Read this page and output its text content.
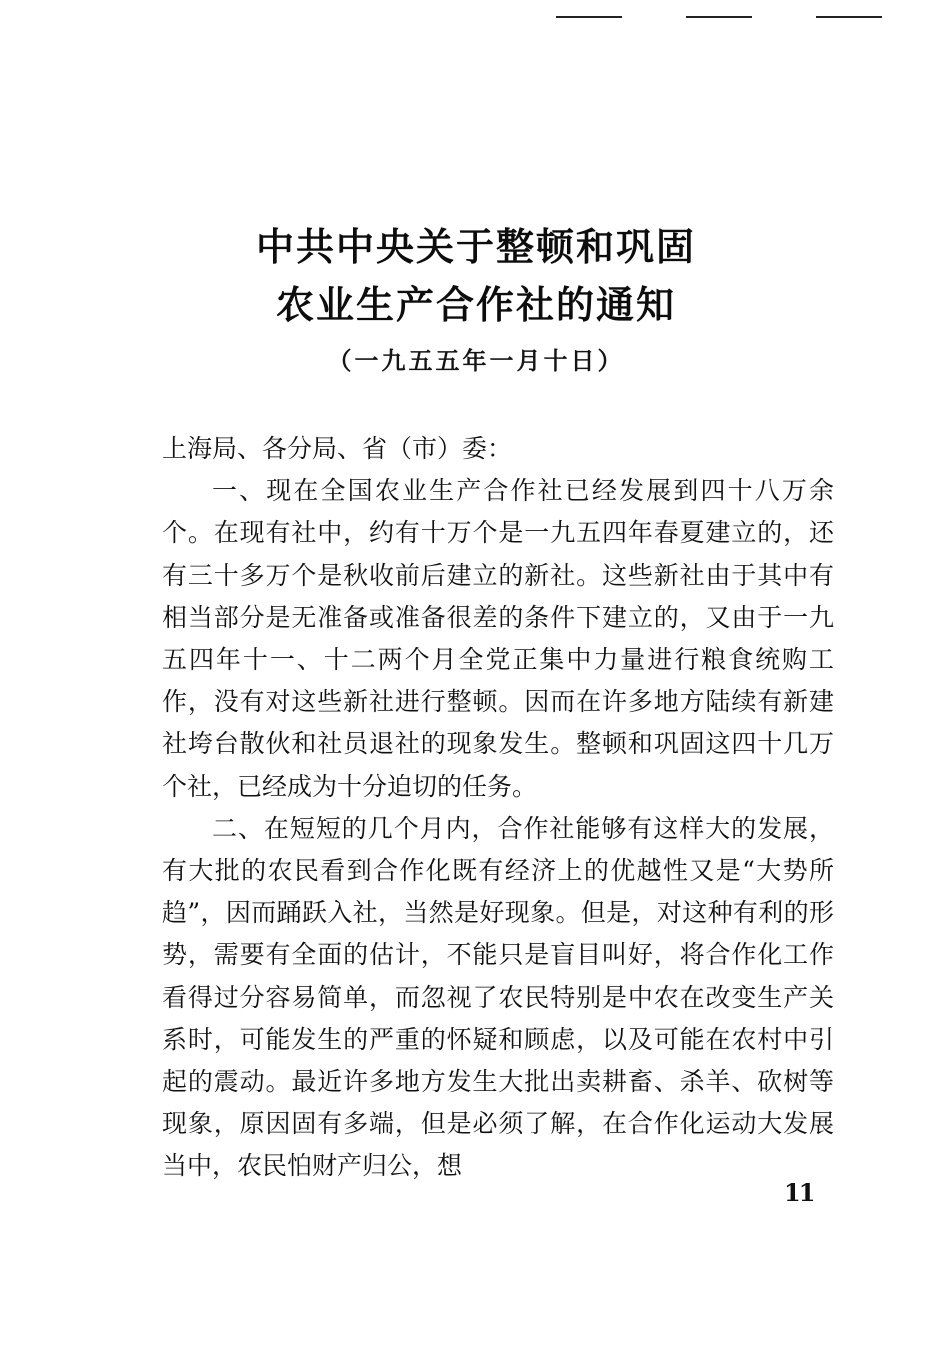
中共中央关于整顿和巩固
农业生产合作社的通知
（一九五五年一月十日）

上海局、各分局、省（市）委：

一、现在全国农业生产合作社已经发展到四十八万余个。在现有社中，约有十万个是一九五四年春夏建立的，还有三十多万个是秋收前后建立的新社。这些新社由于其中有相当部分是无准备或准备很差的条件下建立的，又由于一九五四年十一、十二两个月全党正集中力量进行粮食统购工作，没有对这些新社进行整顿。因而在许多地方陆续有新建社垮台散伙和社员退社的现象发生。整顿和巩固这四十几万个社，已经成为十分迫切的任务。

二、在短短的几个月内，合作社能够有这样大的发展，有大批的农民看到合作化既有经济上的优越性又是“大势所趋”，因而踊跃入社，当然是好现象。但是，对这种有利的形势，需要有全面的估计，不能只是盲目叫好，将合作化工作看得过分容易简单，而忽视了农民特别是中农在改变生产关系时，可能发生的严重的怀疑和顾虑，以及可能在农村中引起的震动。最近许多地方发生大批出卖耕畜、杀羊、砍树等现象，原因固有多端，但是必须了解，在合作化运动大发展当中，农民怕财产归公，想

11
